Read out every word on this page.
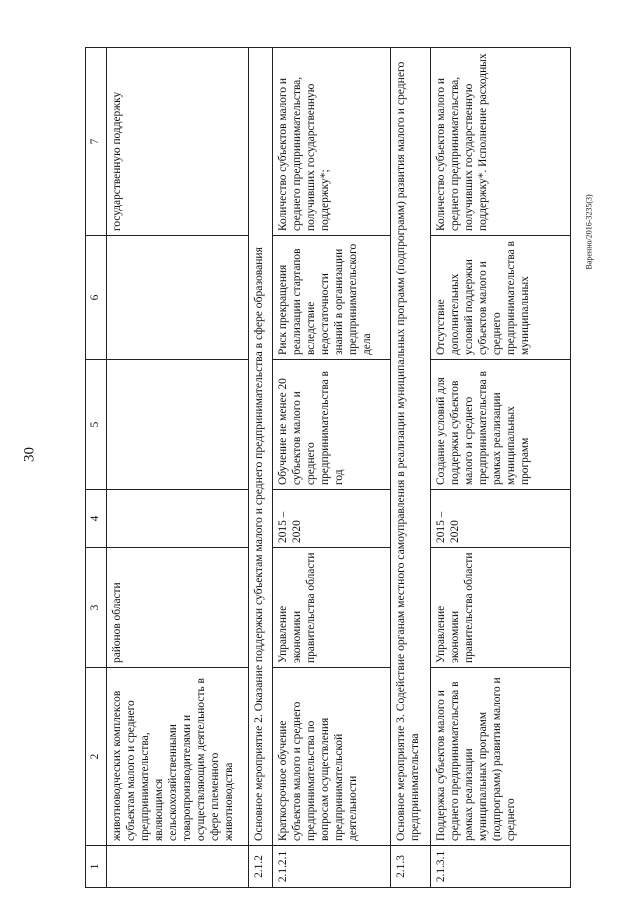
30
1	2	3	4	5	6	7
	животноводческих комплексов субъектам малого и среднего предпринимательства, являющимся сельскохозяйственными товаропроизводителями и осуществляющим деятельность в сфере племенного животноводства	районов области				государственную поддержку
2.1.2	Основное мероприятие 2. Оказание поддержки субъектам малого и среднего предпринимательства в сфере образования					
2.1.2.1	Краткосрочное обучение субъектов малого и среднего предпринимательства по вопросам осуществления предпринимательской деятельности	Управление экономики правительства области	2015 – 2020	Обучение не менее 20 субъектов малого и среднего предпринимательства в год	Риск прекращения реализации стартапов вследствие недостаточности знаний в организации предпринимательского дела	Количество субъектов малого и среднего предпринимательства, получивших государственную поддержку*;
2.1.3	Основное мероприятие 3. Содействие органам местного самоуправления в реализации муниципальных программ (подпрограмм) развития малого и среднего предпринимательства					
2.1.3.1	Поддержка субъектов малого и среднего предпринимательства в рамках реализации муниципальных программ (подпрограмм) развития малого и среднего	Управление экономики правительства области	2015 – 2020	Создание условий для поддержки субъектов малого и среднего предпринимательства в рамках реализации муниципальных программ	Отсутствие дополнительных условий поддержки субъектов малого и среднего предпринимательства в муниципальных	Количество субъектов малого и среднего предпринимательства, получивших государственную поддержку*. Исполнение расходных
Вареннo/2016-3235(3)
